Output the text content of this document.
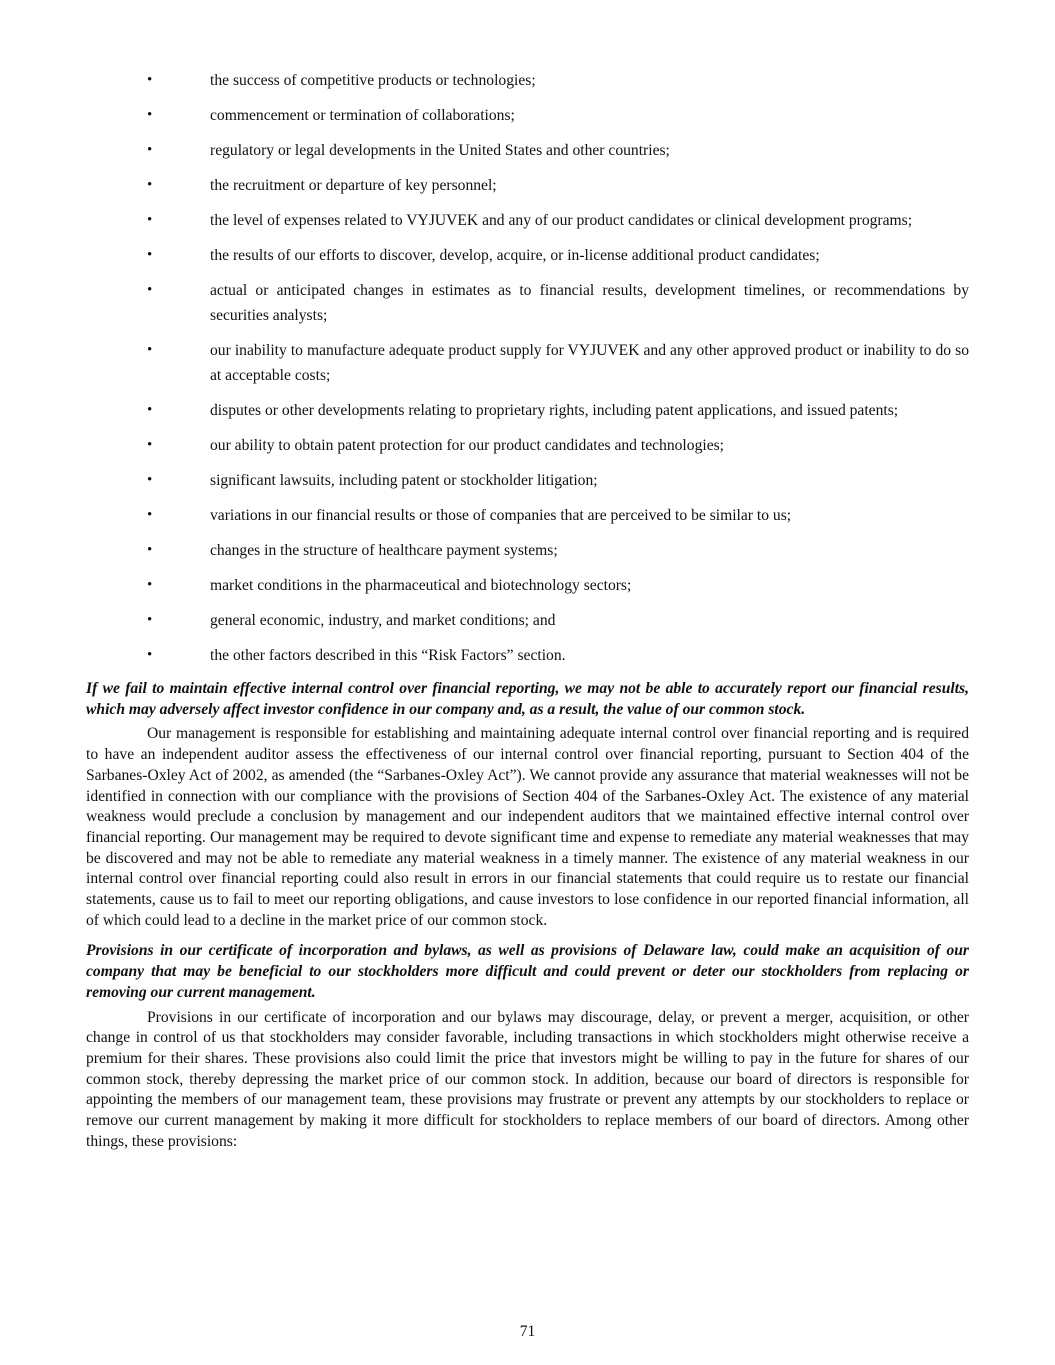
•	the success of competitive products or technologies;
•	commencement or termination of collaborations;
•	regulatory or legal developments in the United States and other countries;
•	the recruitment or departure of key personnel;
•	the level of expenses related to VYJUVEK and any of our product candidates or clinical development programs;
•	the results of our efforts to discover, develop, acquire, or in-license additional product candidates;
•	actual or anticipated changes in estimates as to financial results, development timelines, or recommendations by securities analysts;
•	our inability to manufacture adequate product supply for VYJUVEK and any other approved product or inability to do so at acceptable costs;
•	disputes or other developments relating to proprietary rights, including patent applications, and issued patents;
•	our ability to obtain patent protection for our product candidates and technologies;
•	significant lawsuits, including patent or stockholder litigation;
•	variations in our financial results or those of companies that are perceived to be similar to us;
•	changes in the structure of healthcare payment systems;
•	market conditions in the pharmaceutical and biotechnology sectors;
•	general economic, industry, and market conditions; and
•	the other factors described in this “Risk Factors” section.

If we fail to maintain effective internal control over financial reporting, we may not be able to accurately report our financial results, which may adversely affect investor confidence in our company and, as a result, the value of our common stock.

Our management is responsible for establishing and maintaining adequate internal control over financial reporting and is required to have an independent auditor assess the effectiveness of our internal control over financial reporting, pursuant to Section 404 of the Sarbanes-Oxley Act of 2002, as amended (the “Sarbanes-Oxley Act”). We cannot provide any assurance that material weaknesses will not be identified in connection with our compliance with the provisions of Section 404 of the Sarbanes-Oxley Act. The existence of any material weakness would preclude a conclusion by management and our independent auditors that we maintained effective internal control over financial reporting. Our management may be required to devote significant time and expense to remediate any material weaknesses that may be discovered and may not be able to remediate any material weakness in a timely manner. The existence of any material weakness in our internal control over financial reporting could also result in errors in our financial statements that could require us to restate our financial statements, cause us to fail to meet our reporting obligations, and cause investors to lose confidence in our reported financial information, all of which could lead to a decline in the market price of our common stock.

Provisions in our certificate of incorporation and bylaws, as well as provisions of Delaware law, could make an acquisition of our company that may be beneficial to our stockholders more difficult and could prevent or deter our stockholders from replacing or removing our current management.

Provisions in our certificate of incorporation and our bylaws may discourage, delay, or prevent a merger, acquisition, or other change in control of us that stockholders may consider favorable, including transactions in which stockholders might otherwise receive a premium for their shares. These provisions also could limit the price that investors might be willing to pay in the future for shares of our common stock, thereby depressing the market price of our common stock. In addition, because our board of directors is responsible for appointing the members of our management team, these provisions may frustrate or prevent any attempts by our stockholders to replace or remove our current management by making it more difficult for stockholders to replace members of our board of directors. Among other things, these provisions:

71
